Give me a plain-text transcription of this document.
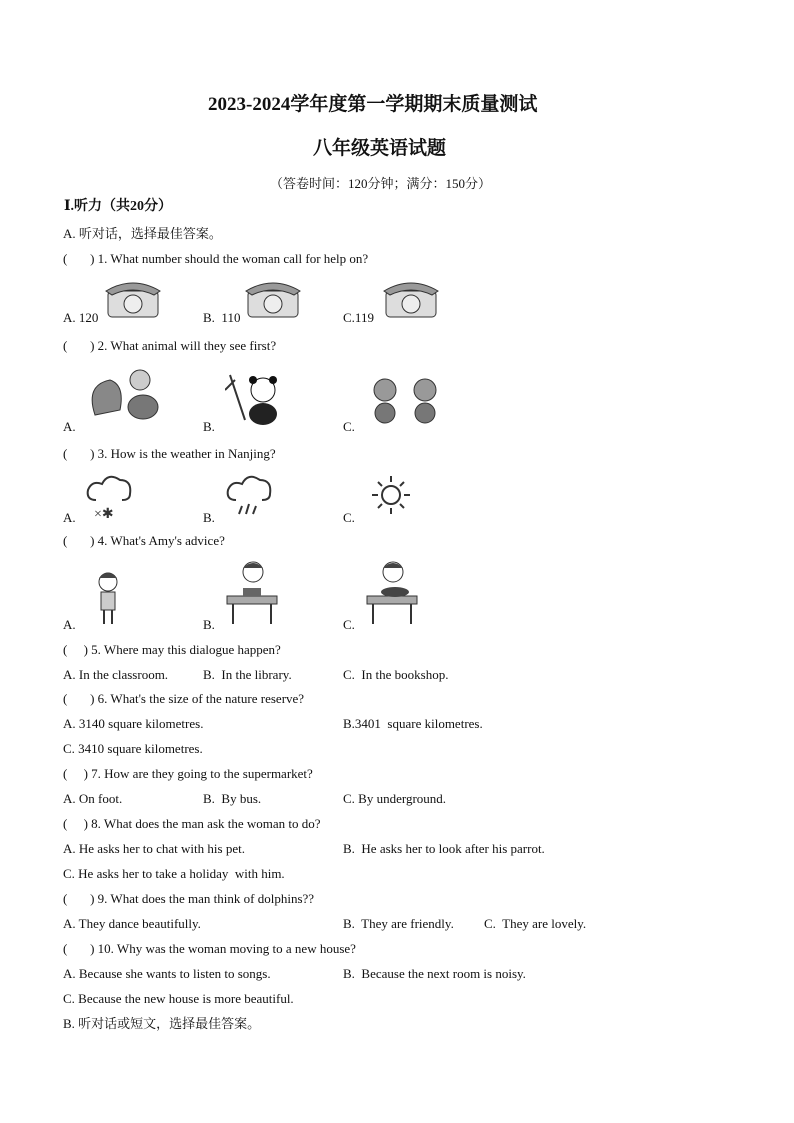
2023-2024学年度第一学期期末质量测试
八年级英语试题
（答卷时间：120分钟；满分：150分）
Ⅰ.听力（共20分）
A. 听对话，选择最佳答案。
(       ) 1. What number should the woman call for help on?
A. 120	B.  110	C.119
(       ) 2. What animal will they see first?
A.	B.	C.
(       ) 3. How is the weather in Nanjing?
A.	B.	C.
×✱
(       ) 4. What's Amy's advice?
A.	B.	C.
(     ) 5. Where may this dialogue happen?
A. In the classroom.	B.  In the library.	C.  In the bookshop.
(       ) 6. What's the size of the nature reserve?
A. 3140 square kilometres.	B.3401  square kilometres.
C. 3410 square kilometres.
(     ) 7. How are they going to the supermarket?
A. On foot.	B.  By bus.	C. By underground.
(     ) 8. What does the man ask the woman to do?
A. He asks her to chat with his pet.	B.  He asks her to look after his parrot.
C. He asks her to take a holiday  with him.
(       ) 9. What does the man think of dolphins??
A. They dance beautifully.	B.  They are friendly. C.  They are lovely.
(       ) 10. Why was the woman moving to a new house?
A. Because she wants to listen to songs.	B.  Because the next room is noisy.
C. Because the new house is more beautiful.
B. 听对话或短文，选择最佳答案。
